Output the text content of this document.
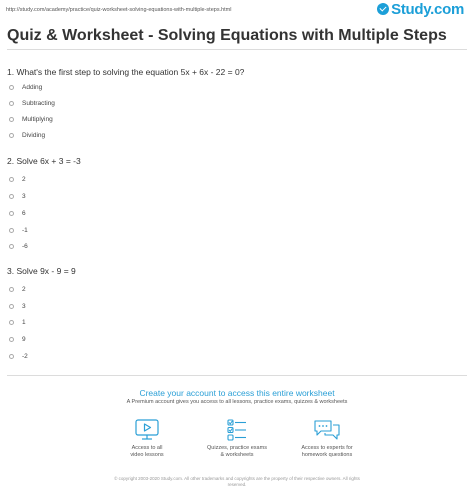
http://study.com/academy/practice/quiz-worksheet-solving-equations-with-multiple-steps.html	Study.com
Quiz & Worksheet - Solving Equations with Multiple Steps
1. What's the first step to solving the equation 5x + 6x - 22 = 0?
Adding
Subtracting
Multiplying
Dividing
2. Solve 6x + 3 = -3
2
3
6
-1
-6
3. Solve 9x - 9 = 9
2
3
1
9
-2
Create your account to access this entire worksheet
A Premium account gives you access to all lessons, practice exams, quizzes & worksheets
Access to all
video lessons
Quizzes, practice exams
& worksheets
Access to experts for
homework questions
© copyright 2003-2020 Study.com. All other trademarks and copyrights are the property of their respective owners. All rights
reserved.
